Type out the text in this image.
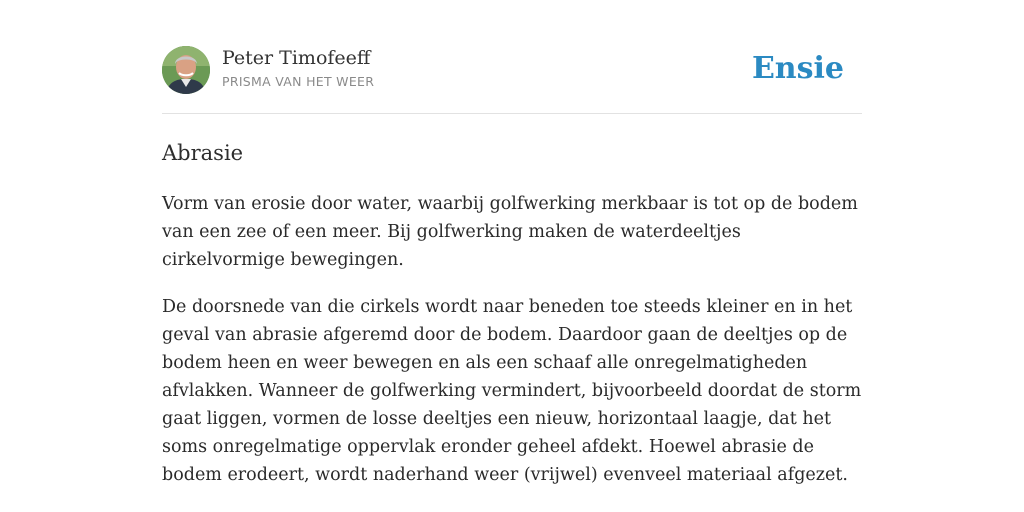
Peter Timofeeff
PRISMA VAN HET WEER	Ensie
Abrasie

Vorm van erosie door water, waarbij golfwerking merkbaar is tot op de bodem van een zee of een meer. Bij golfwerking maken de waterdeeltjes cirkelvormige bewegingen.

De doorsnede van die cirkels wordt naar beneden toe steeds kleiner en in het geval van abrasie afgeremd door de bodem. Daardoor gaan de deeltjes op de bodem heen en weer bewegen en als een schaaf alle onregelmatigheden afvlakken. Wanneer de golfwerking vermindert, bijvoorbeeld doordat de storm gaat liggen, vormen de losse deeltjes een nieuw, horizontaal laagje, dat het soms onregelmatige oppervlak eronder geheel afdekt. Hoewel abrasie de bodem erodeert, wordt naderhand weer (vrijwel) evenveel materiaal afgezet.
